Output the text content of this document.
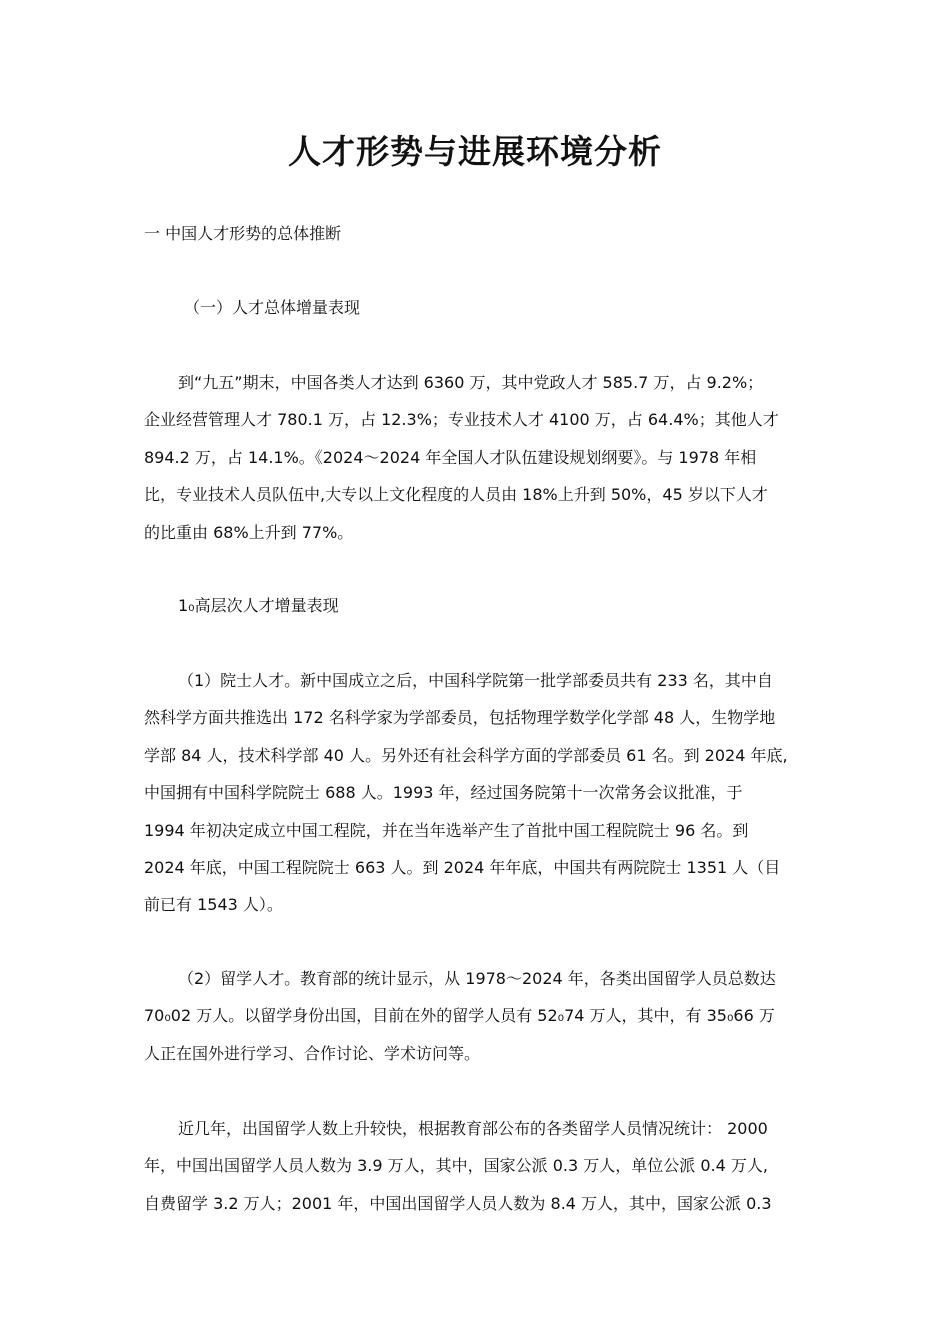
人才形势与进展环境分析
一 中国人才形势的总体推断
（一）人才总体增量表现
到“九五”期末，中国各类人才达到 6360 万，其中党政人才 585.7 万，占 9.2%；
企业经营管理人才 780.1 万，占 12.3%；专业技术人才 4100 万，占 64.4%；其他人才
894.2 万，占 14.1%。《2024～2024 年全国人才队伍建设规划纲要》。与 1978 年相
比，专业技术人员队伍中,大专以上文化程度的人员由 18%上升到 50%，45 岁以下人才
的比重由 68%上升到 77%。
1₀高层次人才增量表现
（1）院士人才。新中国成立之后，中国科学院第一批学部委员共有 233 名，其中自
然科学方面共推选出 172 名科学家为学部委员，包括物理学数学化学部 48 人，生物学地
学部 84 人，技术科学部 40 人。另外还有社会科学方面的学部委员 61 名。到 2024 年底,
中国拥有中国科学院院士 688 人。1993 年，经过国务院第十一次常务会议批准，于
1994 年初决定成立中国工程院，并在当年选举产生了首批中国工程院院士 96 名。到
2024 年底，中国工程院院士 663 人。到 2024 年年底，中国共有两院院士 1351 人（目
前已有 1543 人）。
（2）留学人才。教育部的统计显示，从 1978～2024 年，各类出国留学人员总数达
70₀02 万人。以留学身份出国，目前在外的留学人员有 52₀74 万人，其中，有 35₀66 万
人正在国外进行学习、合作讨论、学术访问等。
近几年，出国留学人数上升较快，根据教育部公布的各类留学人员情况统计： 2000
年，中国出国留学人员人数为 3.9 万人，其中，国家公派 0.3 万人，单位公派 0.4 万人,
自费留学 3.2 万人；2001 年，中国出国留学人员人数为 8.4 万人，其中，国家公派 0.3
